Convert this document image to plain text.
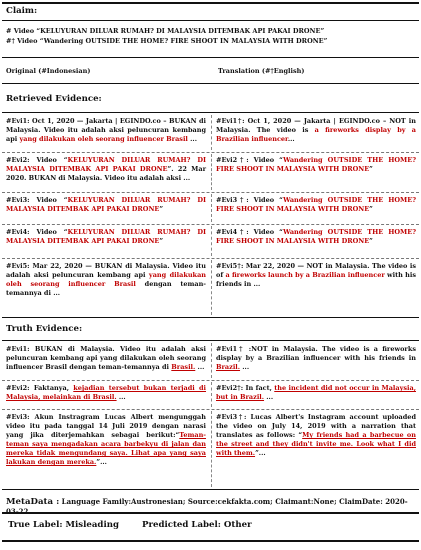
Claim:
# Video “KELUYURAN DILUAR RUMAH? DI MALAYSIA DITEMBAK API PAKAI DRONE”
#† Video “Wandering OUTSIDE THE HOME? FIRE SHOOT IN MALAYSIA WITH DRONE”
Original (#Indonesian)	Translation (#†English)
Retrieved Evidence:
#Evi1: Oct 1, 2020 — Jakarta | EGINDO.co – BUKAN di Malaysia. Video itu adalah aksi peluncuran kembang api yang dilakukan oleh seorang influencer Brasil ...
#Evi1†: Oct 1, 2020 — Jakarta | EGINDO.co – NOT in Malaysia. The video is a fireworks display by a Brazilian influencer...
#Evi2: Video “KELUYURAN DILUAR RUMAH? DI MALAYSIA DITEMBAK API PAKAI DRONE”. 22 Mar 2020. BUKAN di Malaysia. Video itu adalah aksi ...
#Evi2†: Video “Wandering OUTSIDE THE HOME? FIRE SHOOT IN MALAYSIA WITH DRONE”
#Evi3: Video “KELUYURAN DILUAR RUMAH? DI MALAYSIA DITEMBAK API PAKAI DRONE”
#Evi3†: Video “Wandering OUTSIDE THE HOME? FIRE SHOOT IN MALAYSIA WITH DRONE”
#Evi4: Video “KELUYURAN DILUAR RUMAH? DI MALAYSIA DITEMBAK API PAKAI DRONE”
#Evi4†: Video “Wandering OUTSIDE THE HOME? FIRE SHOOT IN MALAYSIA WITH DRONE”
#Evi5: Mar 22, 2020 — BUKAN di Malaysia. Video itu adalah aksi peluncuran kembang api yang dilakukan oleh seorang influencer Brasil dengan teman-temannya di ...
#Evi5†: Mar 22, 2020 — NOT in Malaysia. The video is of a fireworks launch by a Brazilian influencer with his friends in ...
Truth Evidence:
#Evi1: BUKAN di Malaysia. Video itu adalah aksi peluncuran kembang api yang dilakukan oleh seorang influencer Brasil dengan teman-temannya di Brasil. ...
#Evi1† :NOT in Malaysia. The video is a fireworks display by a Brazilian influencer with his friends in Brazil. ...
#Evi2: Faktanya, kejadian tersebut bukan terjadi di Malaysia, melainkan di Brasil. ...
#Evi2†: In fact, the incident did not occur in Malaysia, but in Brazil. ...
#Evi3: Akun Instragram Lucas Albert mengunggah video itu pada tanggal 14 Juli 2019 dengan narasi yang jika diterjemahkan sebagai berikut:“Teman-teman saya mengadakan acara barbekyu di jalan dan mereka tidak mengundang saya. Lihat apa yang saya lakukan dengan mereka.”...
#Evi3†: Lucas Albert's Instagram account uploaded the video on July 14, 2019 with a narration that translates as follows: “My friends had a barbecue on the street and they didn't invite me. Look what I did with them.”...
MetaData : Language Family:Austronesian; Source:cekfakta.com; Claimant:None; ClaimDate: 2020-03-22
True Label: Misleading	Predicted Label: Other
